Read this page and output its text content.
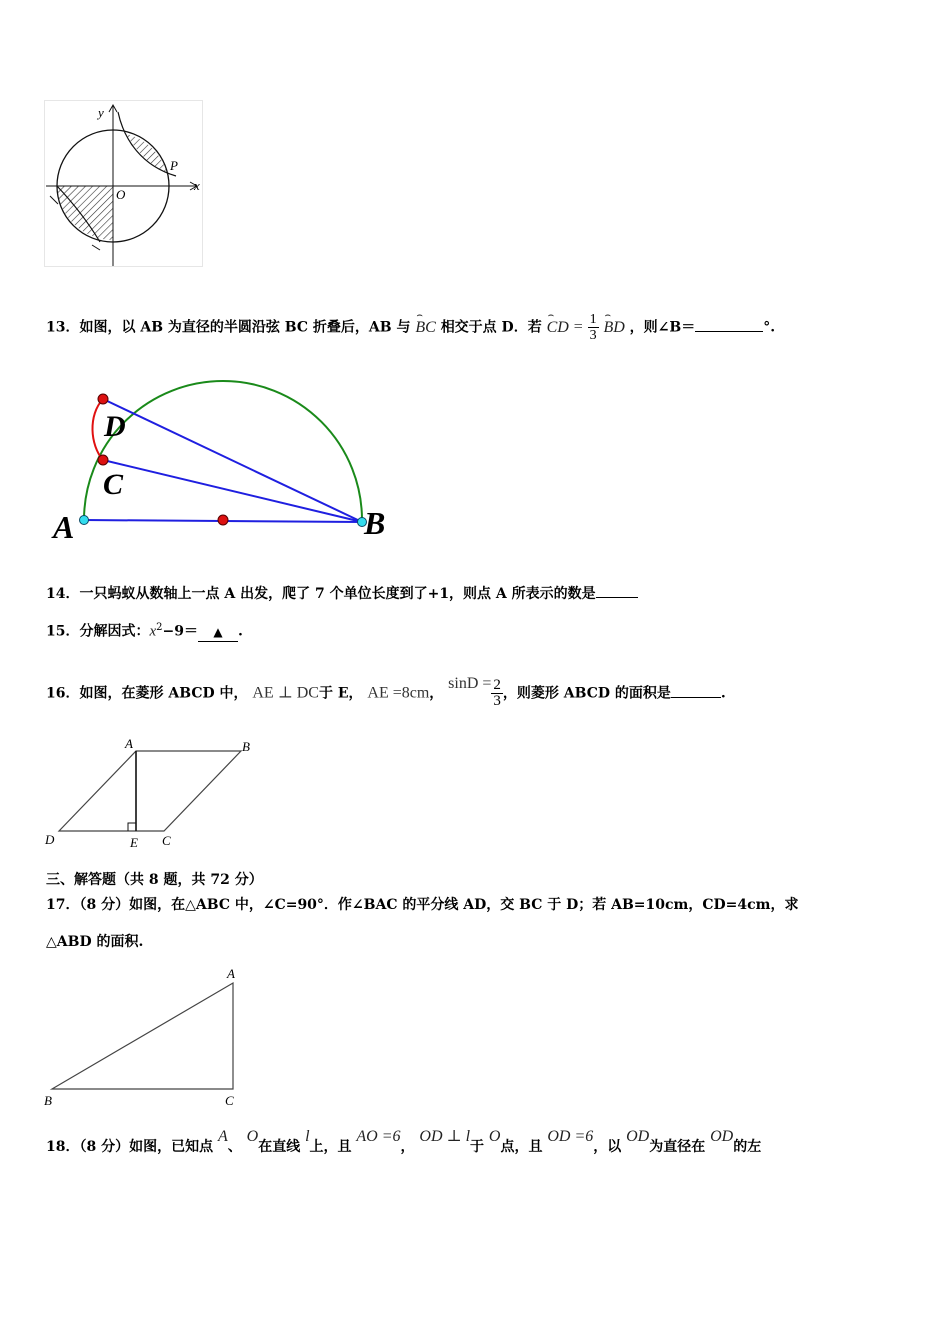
y
x
O
P
13．如图，以 AB 为直径的半圆沿弦 BC 折叠后，AB 与
⌢
BC 相交于点 D．若
⌢
CD = $\frac{1}{3}$
⌢
BD ，则∠B＝	°.
D
C
A	B
14．一只蚂蚁从数轴上一点 A 出发，爬了 7 个单位长度到了+1，则点 A 所表示的数是
15．分解因式：$x^2-9=$ ▲ .
16．如图，在菱形 ABCD 中， AE ⊥ DC于 E， AE =8cm， $\sin D = \frac{2}{3}$ ，则菱形 ABCD 的面积是	.
A	B
D	E C
三、解答题（共 8 题，共 72 分）
17．（8 分）如图，在△ABC 中，∠C=90°．作∠BAC 的平分线 AD，交 BC 于 D；若 AB=10cm，CD=4cm，求
△ABD 的面积.
A
B	C
18．（8 分）如图，已知点 A、 O在直线 l上，且 AO =6， OD ⊥ l于 O点，且 OD =6，以 OD为直径在 OD的左
